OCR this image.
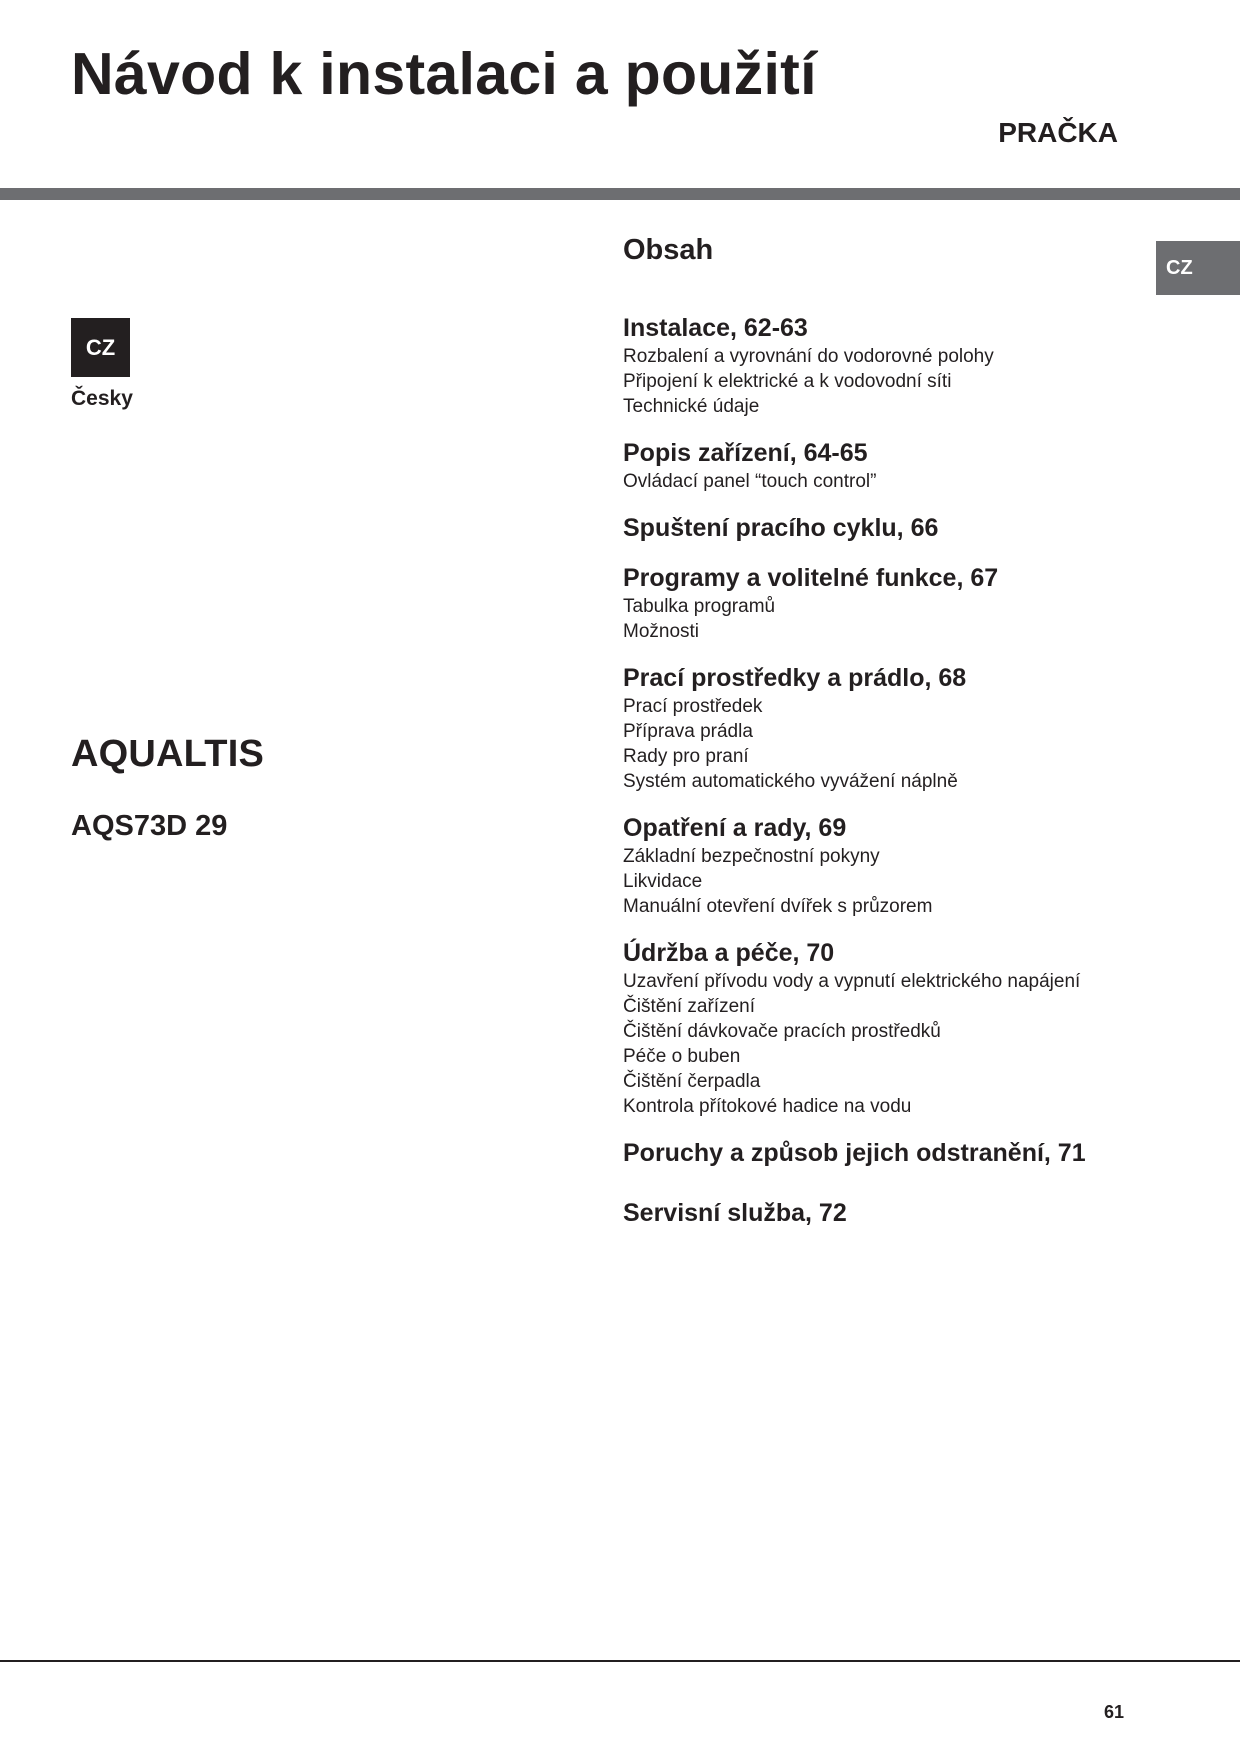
Návod k instalaci a použití
PRAČKA
CZ
CZ
Česky
AQUALTIS
AQS73D 29
Obsah
Instalace, 62-63
Rozbalení a vyrovnání do vodorovné polohy
Připojení k elektrické a k vodovodní síti
Technické údaje
Popis zařízení, 64-65
Ovládací panel “touch control”
Spuštení pracího cyklu, 66
Programy a volitelné funkce, 67
Tabulka programů
Možnosti
Prací prostředky a prádlo, 68
Prací prostředek
Příprava prádla
Rady pro praní
Systém automatického vyvážení náplně
Opatření a rady, 69
Základní bezpečnostní pokyny
Likvidace
Manuální otevření dvířek s průzorem
Údržba a péče, 70
Uzavření přívodu vody a vypnutí elektrického napájení
Čištění zařízení
Čištění dávkovače pracích prostředků
Péče o buben
Čištění čerpadla
Kontrola přítokové hadice na vodu
Poruchy a způsob jejich odstranění, 71
Servisní služba, 72
61
